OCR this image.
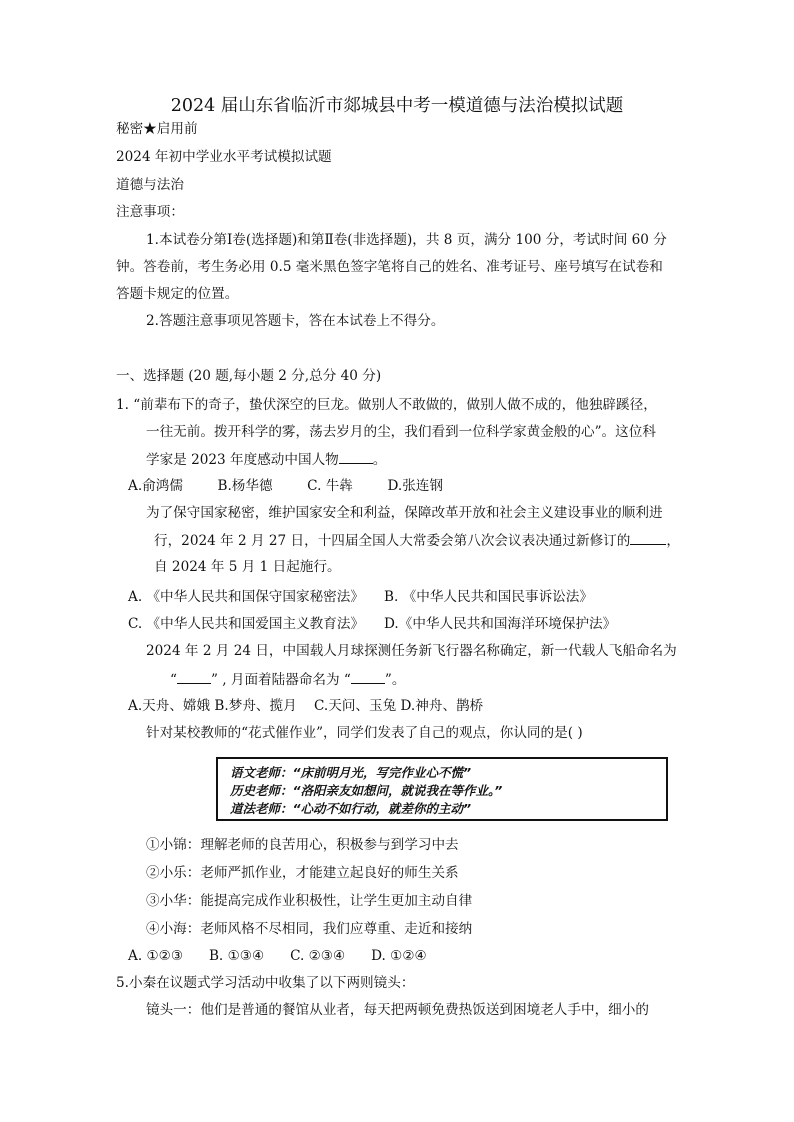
2024 届山东省临沂市郯城县中考一模道德与法治模拟试题
秘密★启用前
2024 年初中学业水平考试模拟试题
道德与法治
注意事项：
1.本试卷分第Ⅰ卷(选择题)和第Ⅱ卷(非选择题)，共 8 页，满分 100 分，考试时间 60 分
钟。答卷前，考生务必用 0.5 毫米黑色签字笔将自己的姓名、准考证号、座号填写在试卷和
答题卡规定的位置。
2.答题注意事项见答题卡，答在本试卷上不得分。
一、选择题 (20 题,每小题 2 分,总分 40 分)
1. “前辈布下的奇子，蛰伏深空的巨龙。做别人不敢做的，做别人做不成的，他独辟蹊径，
一往无前。拨开科学的雾，荡去岁月的尘，我们看到一位科学家黄金般的心”。这位科
学家是 2023 年度感动中国人物	。
A.俞鸿儒        B.杨华德        C. 牛犇        D.张连钢
为了保守国家秘密，维护国家安全和利益，保障改革开放和社会主义建设事业的顺利进
行，2024 年 2 月 27 日，十四届全国人大常委会第八次会议表决通过新修订的	，
自 2024 年 5 月 1 日起施行。
A. 《中华人民共和国保守国家秘密法》 B. 《中华人民共和国民事诉讼法》
C. 《中华人民共和国爱国主义教育法》 D.《中华人民共和国海洋环境保护法》
2024 年 2 月 24 日，中国载人月球探测任务新飞行器名称确定，新一代载人飞船命名为
“	” , 月面着陆器命名为 “	”。
A.天舟、嫦娥 B.梦舟、揽月    C.天问、玉兔 D.神舟、鹊桥
针对某校教师的“花式催作业”，同学们发表了自己的观点，你认同的是( )
语文老师：“床前明月光，写完作业心不慌”
历史老师：“洛阳亲友如想问，就说我在等作业。”
道法老师：“心动不如行动，就差你的主动”
①小锦：理解老师的良苦用心，积极参与到学习中去
②小乐：老师严抓作业，才能建立起良好的师生关系
③小华：能提高完成作业积极性，让学生更加主动自律
④小海：老师风格不尽相同，我们应尊重、走近和接纳
A. ①②③      B. ①③④      C. ②③④      D. ①②④
5.小秦在议题式学习活动中收集了以下两则镜头：
镜头一：他们是普通的餐馆从业者，每天把两顿免费热饭送到困境老人手中，细小的
